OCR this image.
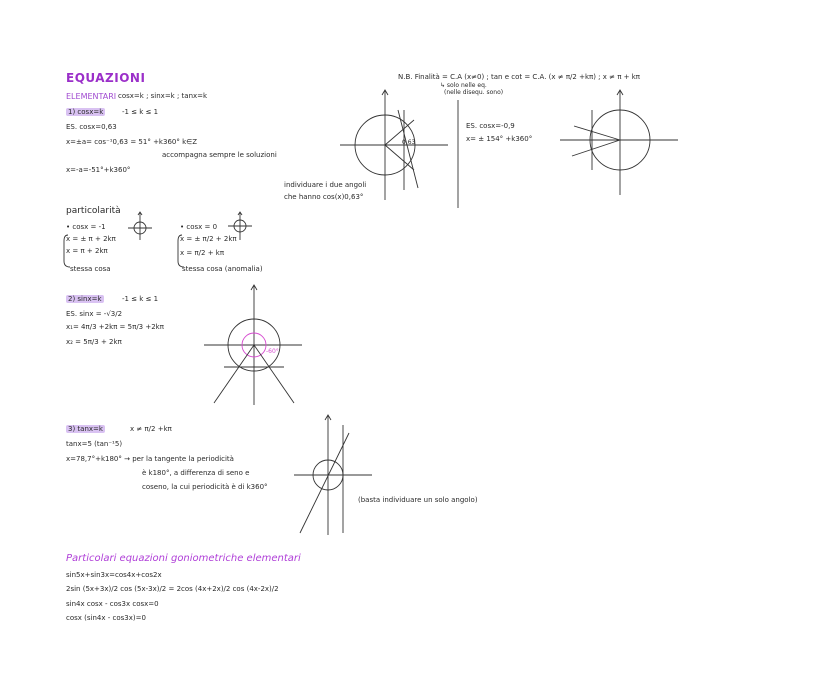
EQUAZIONI
ELEMENTARI cosx=k ; sinx=k ; tanx=k
1) cosx=k	-1 ≤ k ≤ 1
ES. cosx=0,63
x=±a= cos⁻¹0,63 = 51° +k360° k∈Z
accompagna sempre le soluzioni
x=-a=-51°+k360°
0,63
individuare i due angoli
che hanno cos(x)0,63°
N.B. Finalità = C.A (x≠0) ; tan e cot = C.A. (x ≠ π/2 +kπ) ; x ≠ π + kπ
↳ solo nelle eq.
(nelle disequ. sono)
ES. cosx=-0,9
x= ± 154° +k360°
particolarità
• cosx = -1
x = ± π + 2kπ
x = π + 2kπ
stessa cosa
• cosx = 0
x = ± π/2 + 2kπ
x = π/2 + kπ
stessa cosa (anomalia)
2) sinx=k	-1 ≤ k ≤ 1
ES. sinx = -√3/2
x₁= 4π/3 +2kπ = 5π/3 +2kπ
x₂ = 5π/3 + 2kπ
-60°
3) tanx=k	x ≠ π/2 +kπ
tanx=5 (tan⁻¹5)
x=78,7°+k180° → per la tangente la periodicità
è k180°, a differenza di seno e
coseno, la cui periodicità è di k360°
(basta individuare un solo angolo)
Particolari equazioni goniometriche elementari
sin5x+sin3x=cos4x+cos2x
2sin (5x+3x)/2 cos (5x-3x)/2 = 2cos (4x+2x)/2 cos (4x-2x)/2
sin4x cosx - cos3x cosx=0
cosx (sin4x - cos3x)=0
